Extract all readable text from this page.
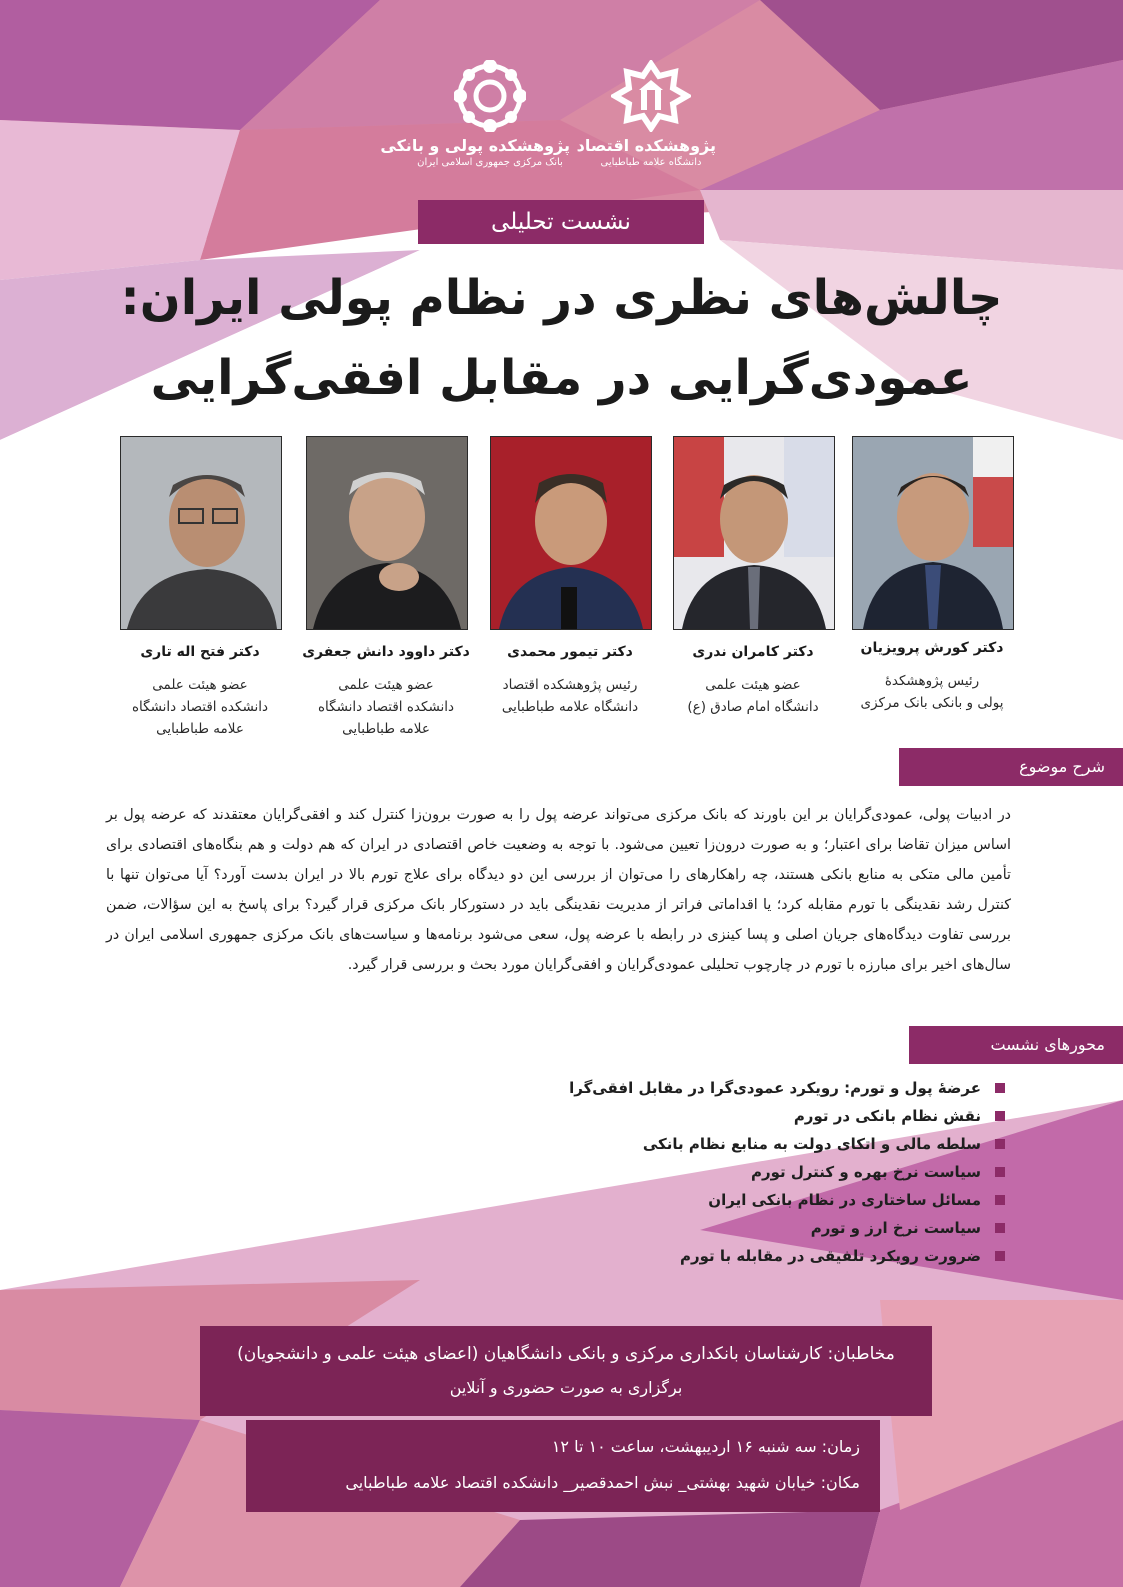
پژوهشکده پولی و بانکی
بانک مرکزی جمهوری اسلامی ایران
پژوهشکده اقتصاد
دانشگاه علامه طباطبایی
نشست تحلیلی
چالش‌های نظری در نظام پولی ایران:
عمودی‌گرایی در مقابل افقی‌گرایی
دکتر کورش پرویزیان
رئیس پژوهشکدهٔ
پولی و بانکی بانک مرکزی
دکتر کامران ندری
عضو هیئت علمی
دانشگاه امام صادق (ع)
دکتر تیمور محمدی
رئیس پژوهشکده اقتصاد
دانشگاه علامه طباطبایی
دکتر داوود دانش جعفری
عضو هیئت علمی
دانشکده اقتصاد دانشگاه
علامه طباطبایی
دکتر فتح اله تاری
عضو هیئت علمی
دانشکده اقتصاد دانشگاه
علامه طباطبایی
شرح موضوع

در ادبیات پولی، عمودی‌گرایان بر این باورند که بانک مرکزی می‌تواند عرضه پول را به صورت برون‌زا کنترل کند و افقی‌گرایان معتقدند که عرضه پول بر اساس میزان تقاضا برای اعتبار؛ و به صورت درون‌زا تعیین می‌شود. با توجه به وضعیت خاص اقتصادی در ایران که هم دولت و هم بنگاه‌های اقتصادی برای تأمین مالی متکی به منابع بانکی هستند، چه راهکارهای را می‌توان از بررسی این دو دیدگاه برای علاج تورم بالا در ایران بدست آورد؟ آیا می‌توان تنها با کنترل رشد نقدینگی با تورم مقابله کرد؛ یا اقداماتی فراتر از مدیریت نقدینگی باید در دستورکار بانک مرکزی قرار گیرد؟ برای پاسخ به این سؤالات، ضمن بررسی تفاوت دیدگاه‌های جریان اصلی و پسا کینزی در رابطه با عرضه پول، سعی می‌شود برنامه‌ها و سیاست‌های بانک مرکزی جمهوری اسلامی ایران در سال‌های اخیر برای مبارزه با تورم در چارچوب تحلیلی عمودی‌گرایان و افقی‌گرایان مورد بحث و بررسی قرار گیرد.

محورهای نشست
عرضهٔ پول و تورم: رویکرد عمودی‌گرا در مقابل افقی‌گرا
نقش نظام بانکی در تورم
سلطه مالی و اتکای دولت به منابع نظام بانکی
سیاست نرخ بهره و کنترل تورم
مسائل ساختاری در نظام بانکی ایران
سیاست نرخ ارز و تورم
ضرورت رویکرد تلفیقی در مقابله با تورم
مخاطبان: کارشناسان بانکداری مرکزی و بانکی دانشگاهیان (اعضای هیئت علمی و دانشجویان)
برگزاری به صورت حضوری و آنلاین
زمان: سه شنبه ۱۶ اردیبهشت، ساعت ۱۰ تا ۱۲
مکان: خیابان شهید بهشتی_ نبش احمدقصیر_ دانشکده اقتصاد علامه طباطبایی
